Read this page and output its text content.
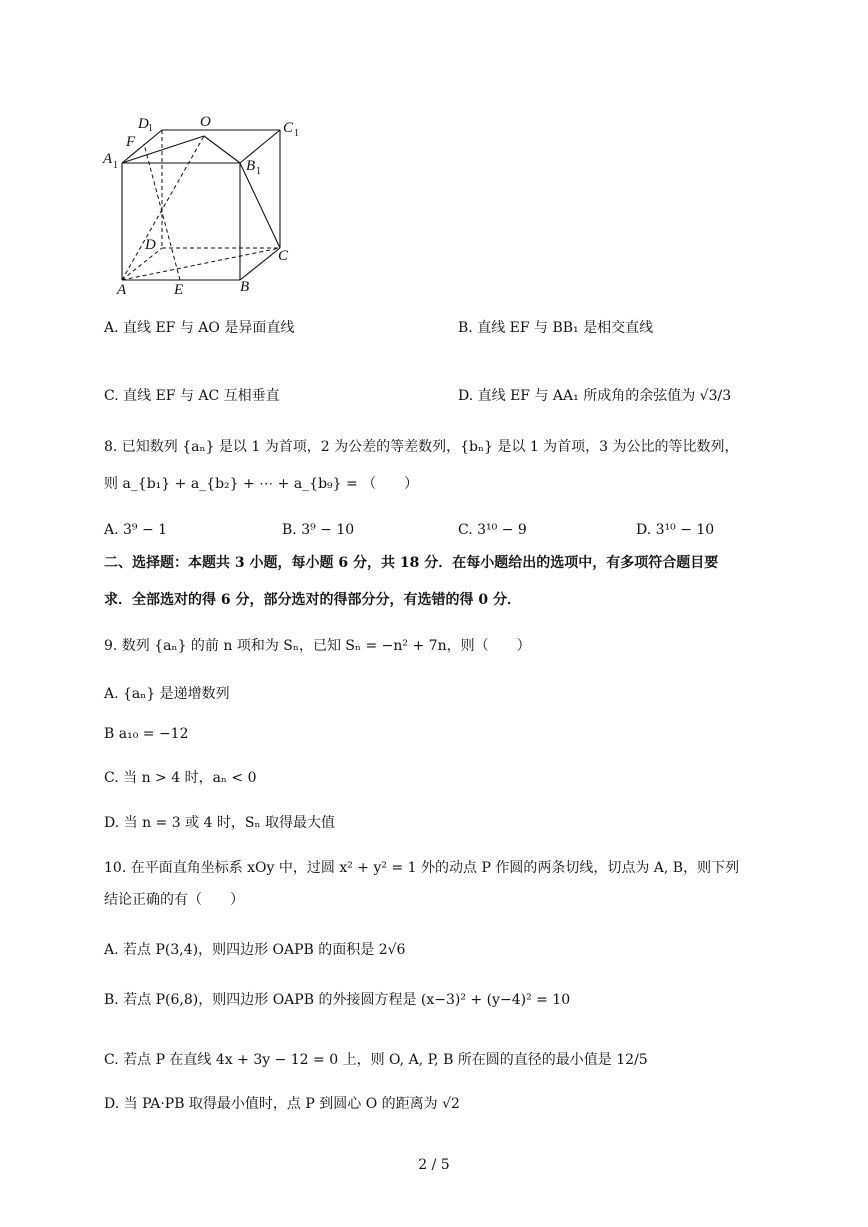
D 1	O	C 1
F
A 1	B 1
D
C
A	E	B
A. 直线 EF 与 AO 是异面直线	B. 直线 EF 与 BB₁ 是相交直线
C. 直线 EF 与 AC 互相垂直	D. 直线 EF 与 AA₁ 所成角的余弦值为 √3/3
8. 已知数列 {aₙ} 是以 1 为首项，2 为公差的等差数列，{bₙ} 是以 1 为首项，3 为公比的等比数列，
则 a_{b₁} + a_{b₂} + ⋯ + a_{b₉} = （　　）
A. 3⁹ − 1	B. 3⁹ − 10	C. 3¹⁰ − 9	D. 3¹⁰ − 10
二、选择题：本题共 3 小题，每小题 6 分，共 18 分．在每小题给出的选项中，有多项符合题目要
求．全部选对的得 6 分，部分选对的得部分分，有选错的得 0 分．
9. 数列 {aₙ} 的前 n 项和为 Sₙ，已知 Sₙ = −n² + 7n，则（　　）
A. {aₙ} 是递增数列
B a₁₀ = −12
C. 当 n > 4 时，aₙ < 0
D. 当 n = 3 或 4 时，Sₙ 取得最大值
10. 在平面直角坐标系 xOy 中，过圆 x² + y² = 1 外的动点 P 作圆的两条切线，切点为 A, B，则下列
结论正确的有（　　）
A. 若点 P(3,4)，则四边形 OAPB 的面积是 2√6
B. 若点 P(6,8)，则四边形 OAPB 的外接圆方程是 (x−3)² + (y−4)² = 10
C. 若点 P 在直线 4x + 3y − 12 = 0 上，则 O, A, P, B 所在圆的直径的最小值是 12/5
D. 当 PA·PB 取得最小值时，点 P 到圆心 O 的距离为 √2
2 / 5
